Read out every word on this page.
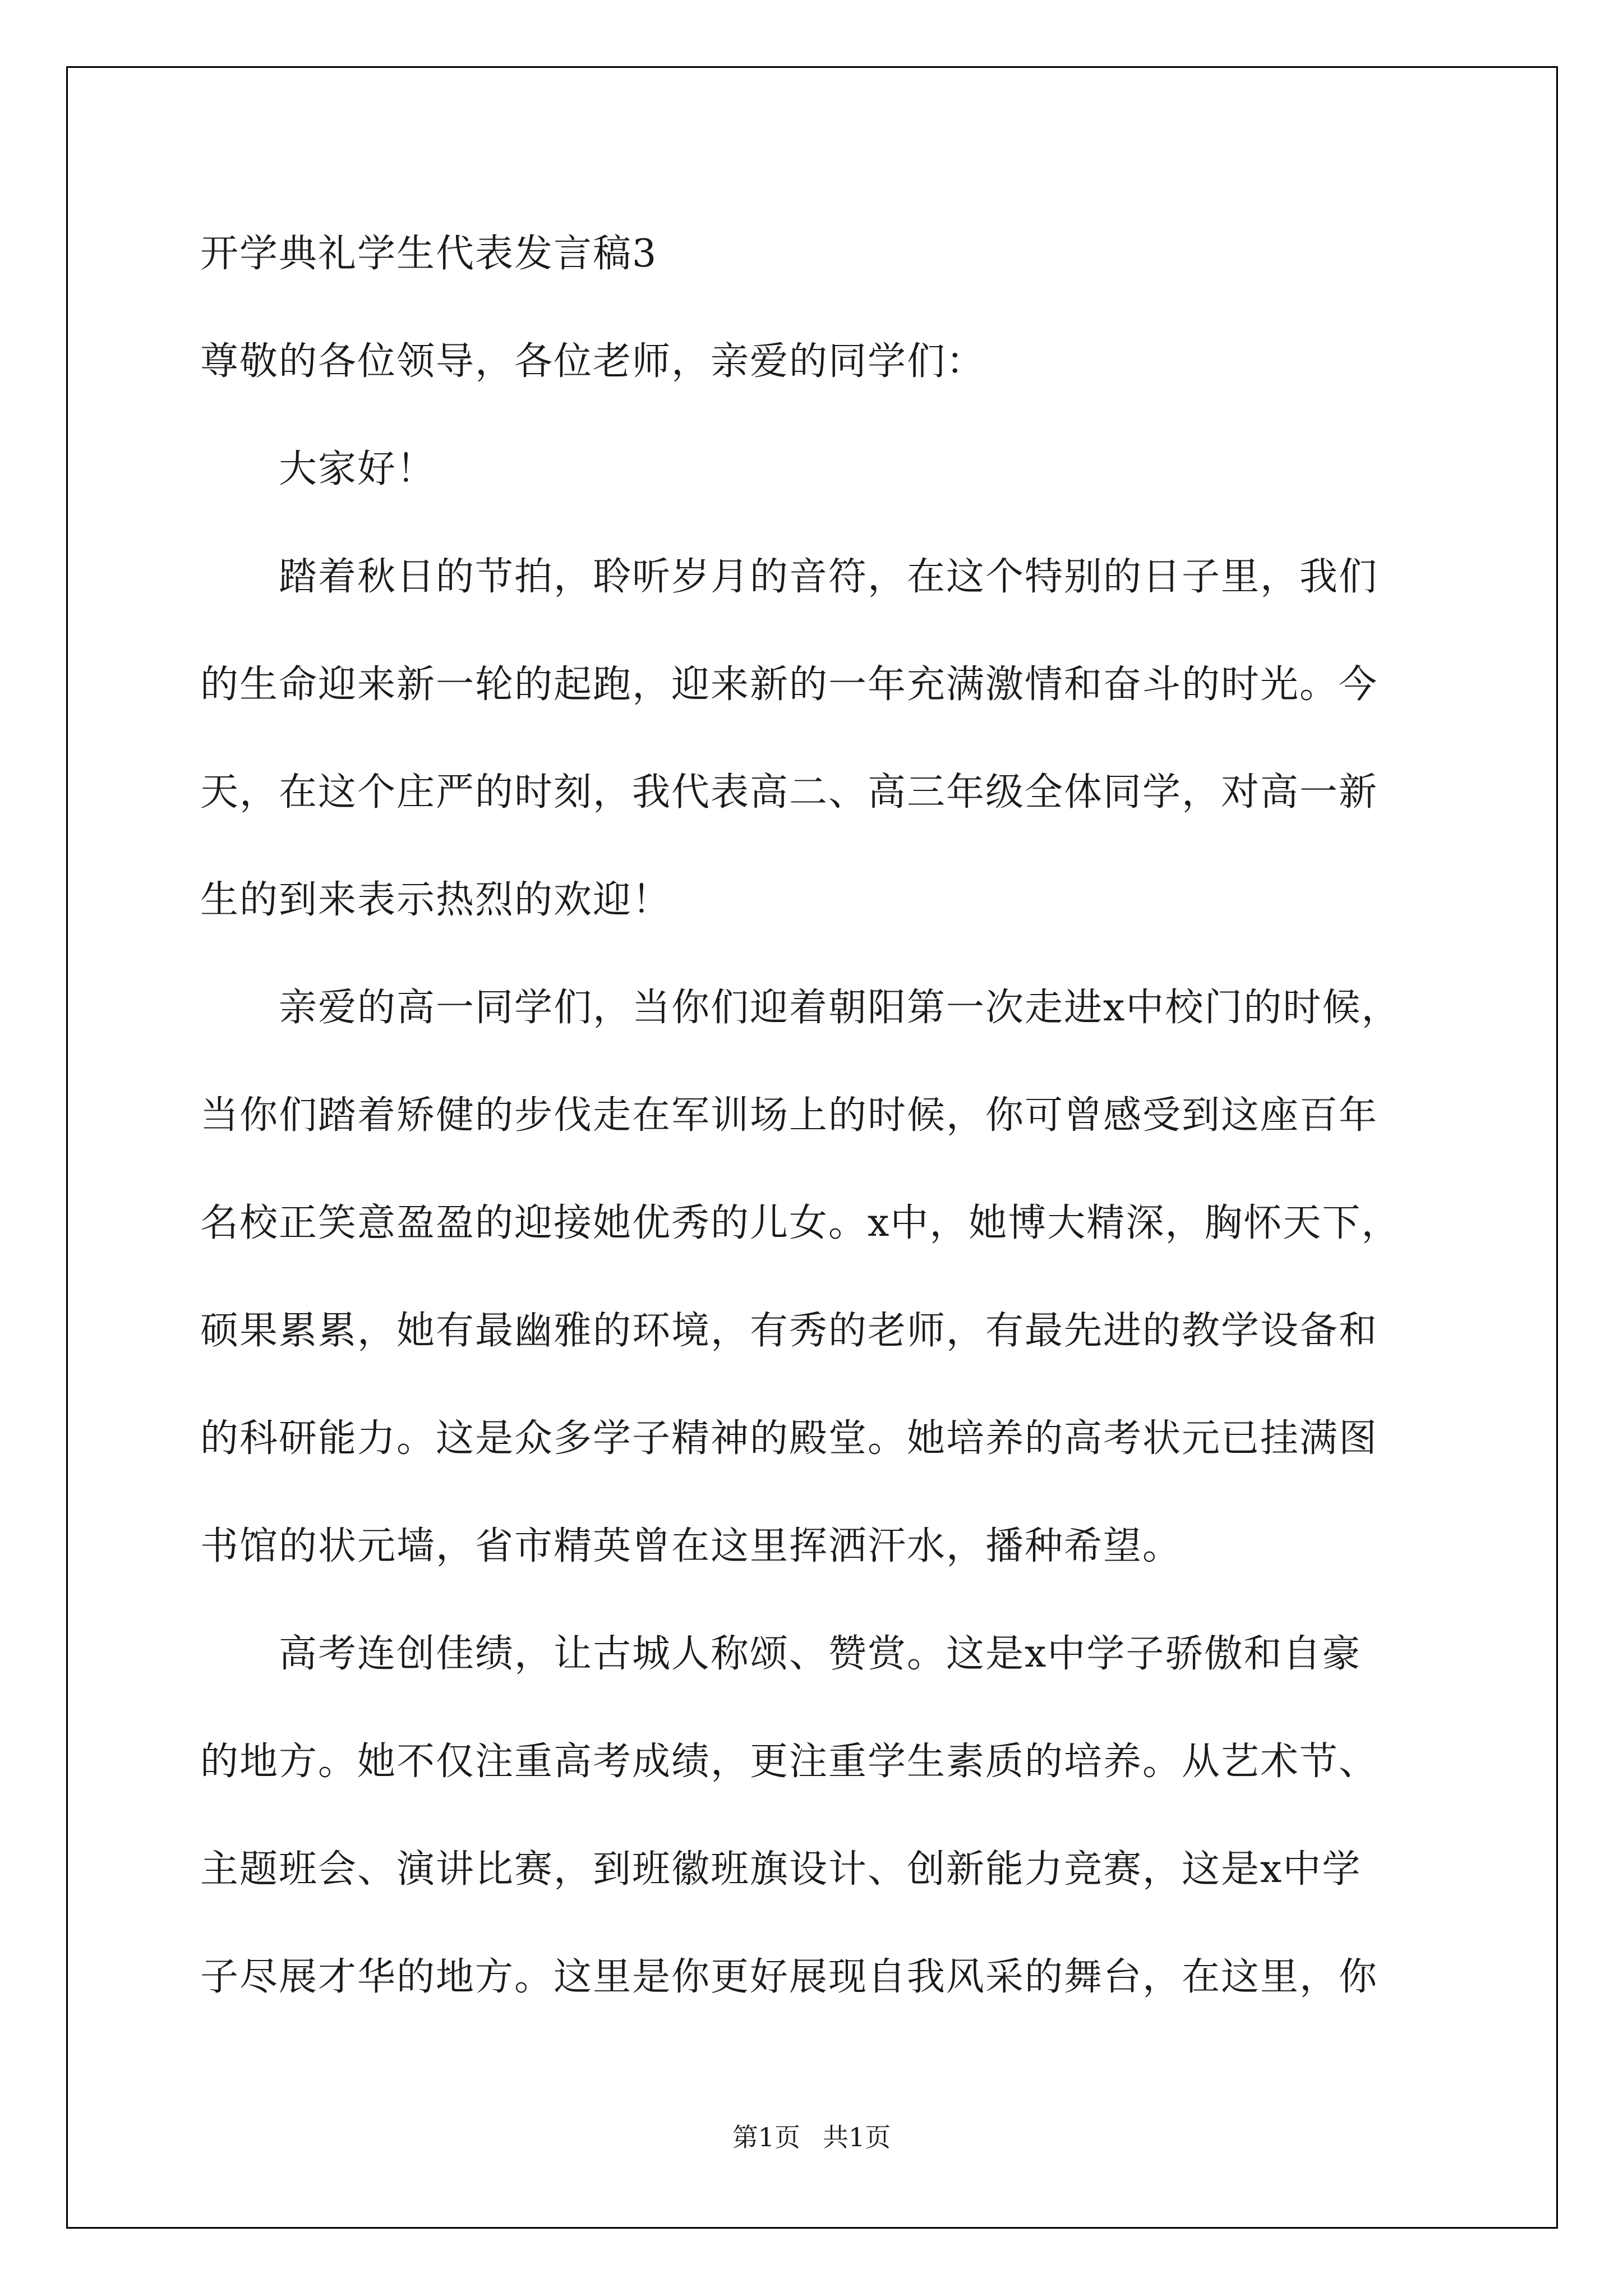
开学典礼学生代表发言稿3
尊敬的各位领导，各位老师，亲爱的同学们：
　　大家好！
　　踏着秋日的节拍，聆听岁月的音符，在这个特别的日子里，我们
的生命迎来新一轮的起跑，迎来新的一年充满激情和奋斗的时光。今
天，在这个庄严的时刻，我代表高二、高三年级全体同学，对高一新
生的到来表示热烈的欢迎！
　　亲爱的高一同学们，当你们迎着朝阳第一次走进x中校门的时候，
当你们踏着矫健的步伐走在军训场上的时候，你可曾感受到这座百年
名校正笑意盈盈的迎接她优秀的儿女。x中，她博大精深，胸怀天下，
硕果累累，她有最幽雅的环境，有秀的老师，有最先进的教学设备和
的科研能力。这是众多学子精神的殿堂。她培养的高考状元已挂满图
书馆的状元墙，省市精英曾在这里挥洒汗水，播种希望。
　　高考连创佳绩，让古城人称颂、赞赏。这是x中学子骄傲和自豪
的地方。她不仅注重高考成绩，更注重学生素质的培养。从艺术节、
主题班会、演讲比赛，到班徽班旗设计、创新能力竞赛，这是x中学
子尽展才华的地方。这里是你更好展现自我风采的舞台，在这里，你
第1页 共1页
